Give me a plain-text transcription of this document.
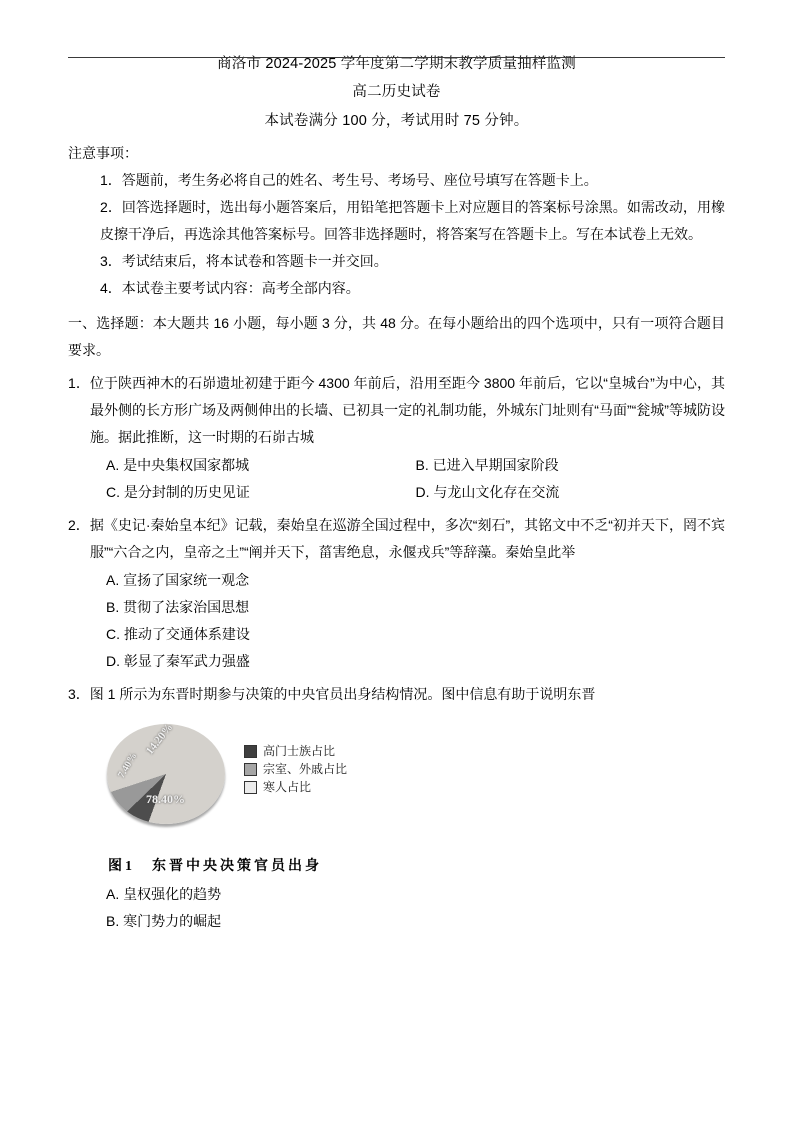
商洛市 2024-2025 学年度第二学期末教学质量抽样监测
高二历史试卷
本试卷满分 100 分，考试用时 75 分钟。
注意事项：
1．答题前，考生务必将自己的姓名、考生号、考场号、座位号填写在答题卡上。
2．回答选择题时，选出每小题答案后，用铅笔把答题卡上对应题目的答案标号涂黑。如需改动，用橡皮擦干净后，再选涂其他答案标号。回答非选择题时，将答案写在答题卡上。写在本试卷上无效。
3．考试结束后，将本试卷和答题卡一并交回。
4．本试卷主要考试内容：高考全部内容。
一、选择题：本大题共 16 小题，每小题 3 分，共 48 分。在每小题给出的四个选项中，只有一项符合题目要求。
1．位于陕西神木的石峁遗址初建于距今 4300 年前后，沿用至距今 3800 年前后，它以“皇城台”为中心，其最外侧的长方形广场及两侧伸出的长墙、已初具一定的礼制功能，外城东门址则有“马面”“瓮城”等城防设施。据此推断，这一时期的石峁古城
A. 是中央集权国家都城	B. 已进入早期国家阶段
C. 是分封制的历史见证	D. 与龙山文化存在交流
2．据《史记·秦始皇本纪》记载，秦始皇在巡游全国过程中，多次“刻石”，其铭文中不乏“初并天下，罔不宾服”“六合之内，皇帝之土”“阐并天下，菑害绝息，永偃戎兵”等辞藻。秦始皇此举
A. 宣扬了国家统一观念
B. 贯彻了法家治国思想
C. 推动了交通体系建设
D. 彰显了秦军武力强盛
3．图 1 所示为东晋时期参与决策的中央官员出身结构情况。图中信息有助于说明东晋
14.20%
7.40%
78.40%
高门士族占比
宗室、外戚占比
寒人占比
图1　东晋中央决策官员出身
A. 皇权强化的趋势
B. 寒门势力的崛起
